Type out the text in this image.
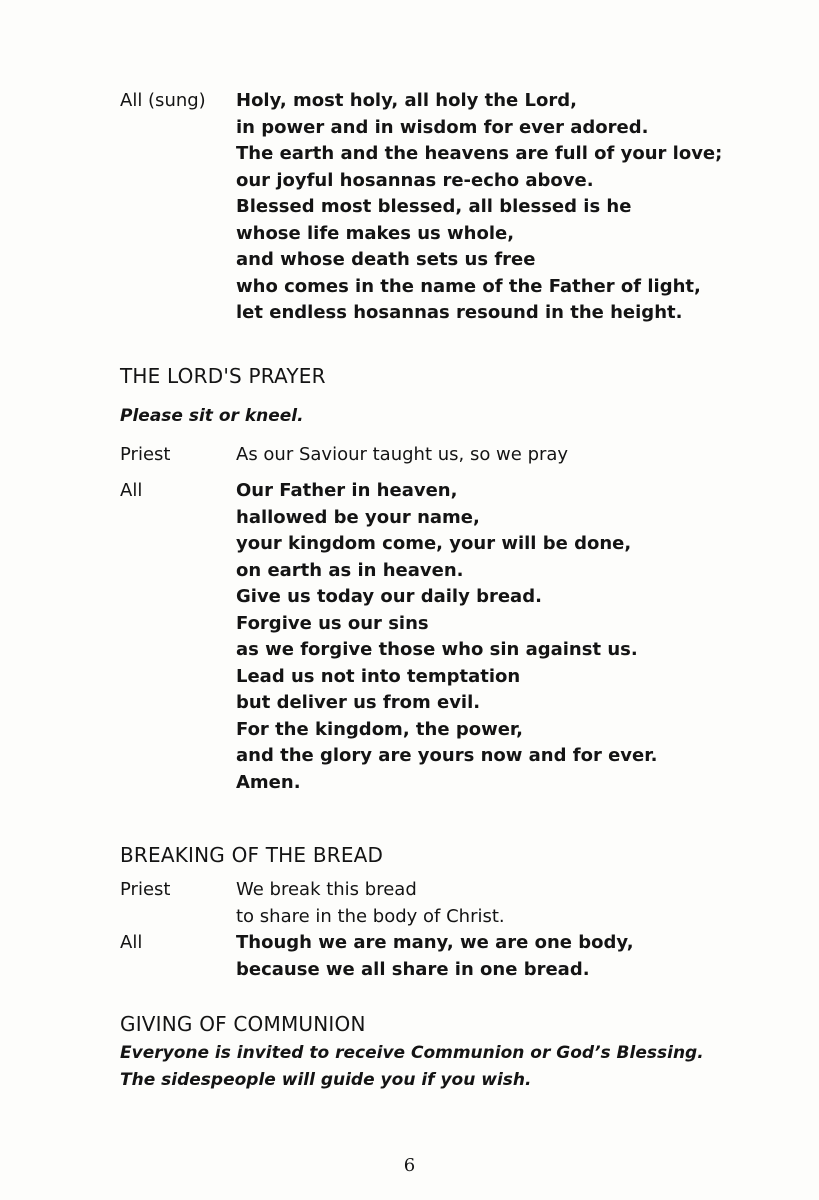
All (sung)	Holy, most holy, all holy the Lord,
in power and in wisdom for ever adored.
The earth and the heavens are full of your love;
our joyful hosannas re-echo above.
Blessed most blessed, all blessed is he
whose life makes us whole,
and whose death sets us free
who comes in the name of the Father of light,
let endless hosannas resound in the height.
THE LORD'S PRAYER
Please sit or kneel.
Priest	As our Saviour taught us, so we pray
All	Our Father in heaven,
hallowed be your name,
your kingdom come, your will be done,
on earth as in heaven.
Give us today our daily bread.
Forgive us our sins
as we forgive those who sin against us.
Lead us not into temptation
but deliver us from evil.
For the kingdom, the power,
and the glory are yours now and for ever.
Amen.
BREAKING OF THE BREAD
Priest	We break this bread
to share in the body of Christ.
All	Though we are many, we are one body,
because we all share in one bread.
GIVING OF COMMUNION
Everyone is invited to receive Communion or God’s Blessing.
The sidespeople will guide you if you wish.
6
